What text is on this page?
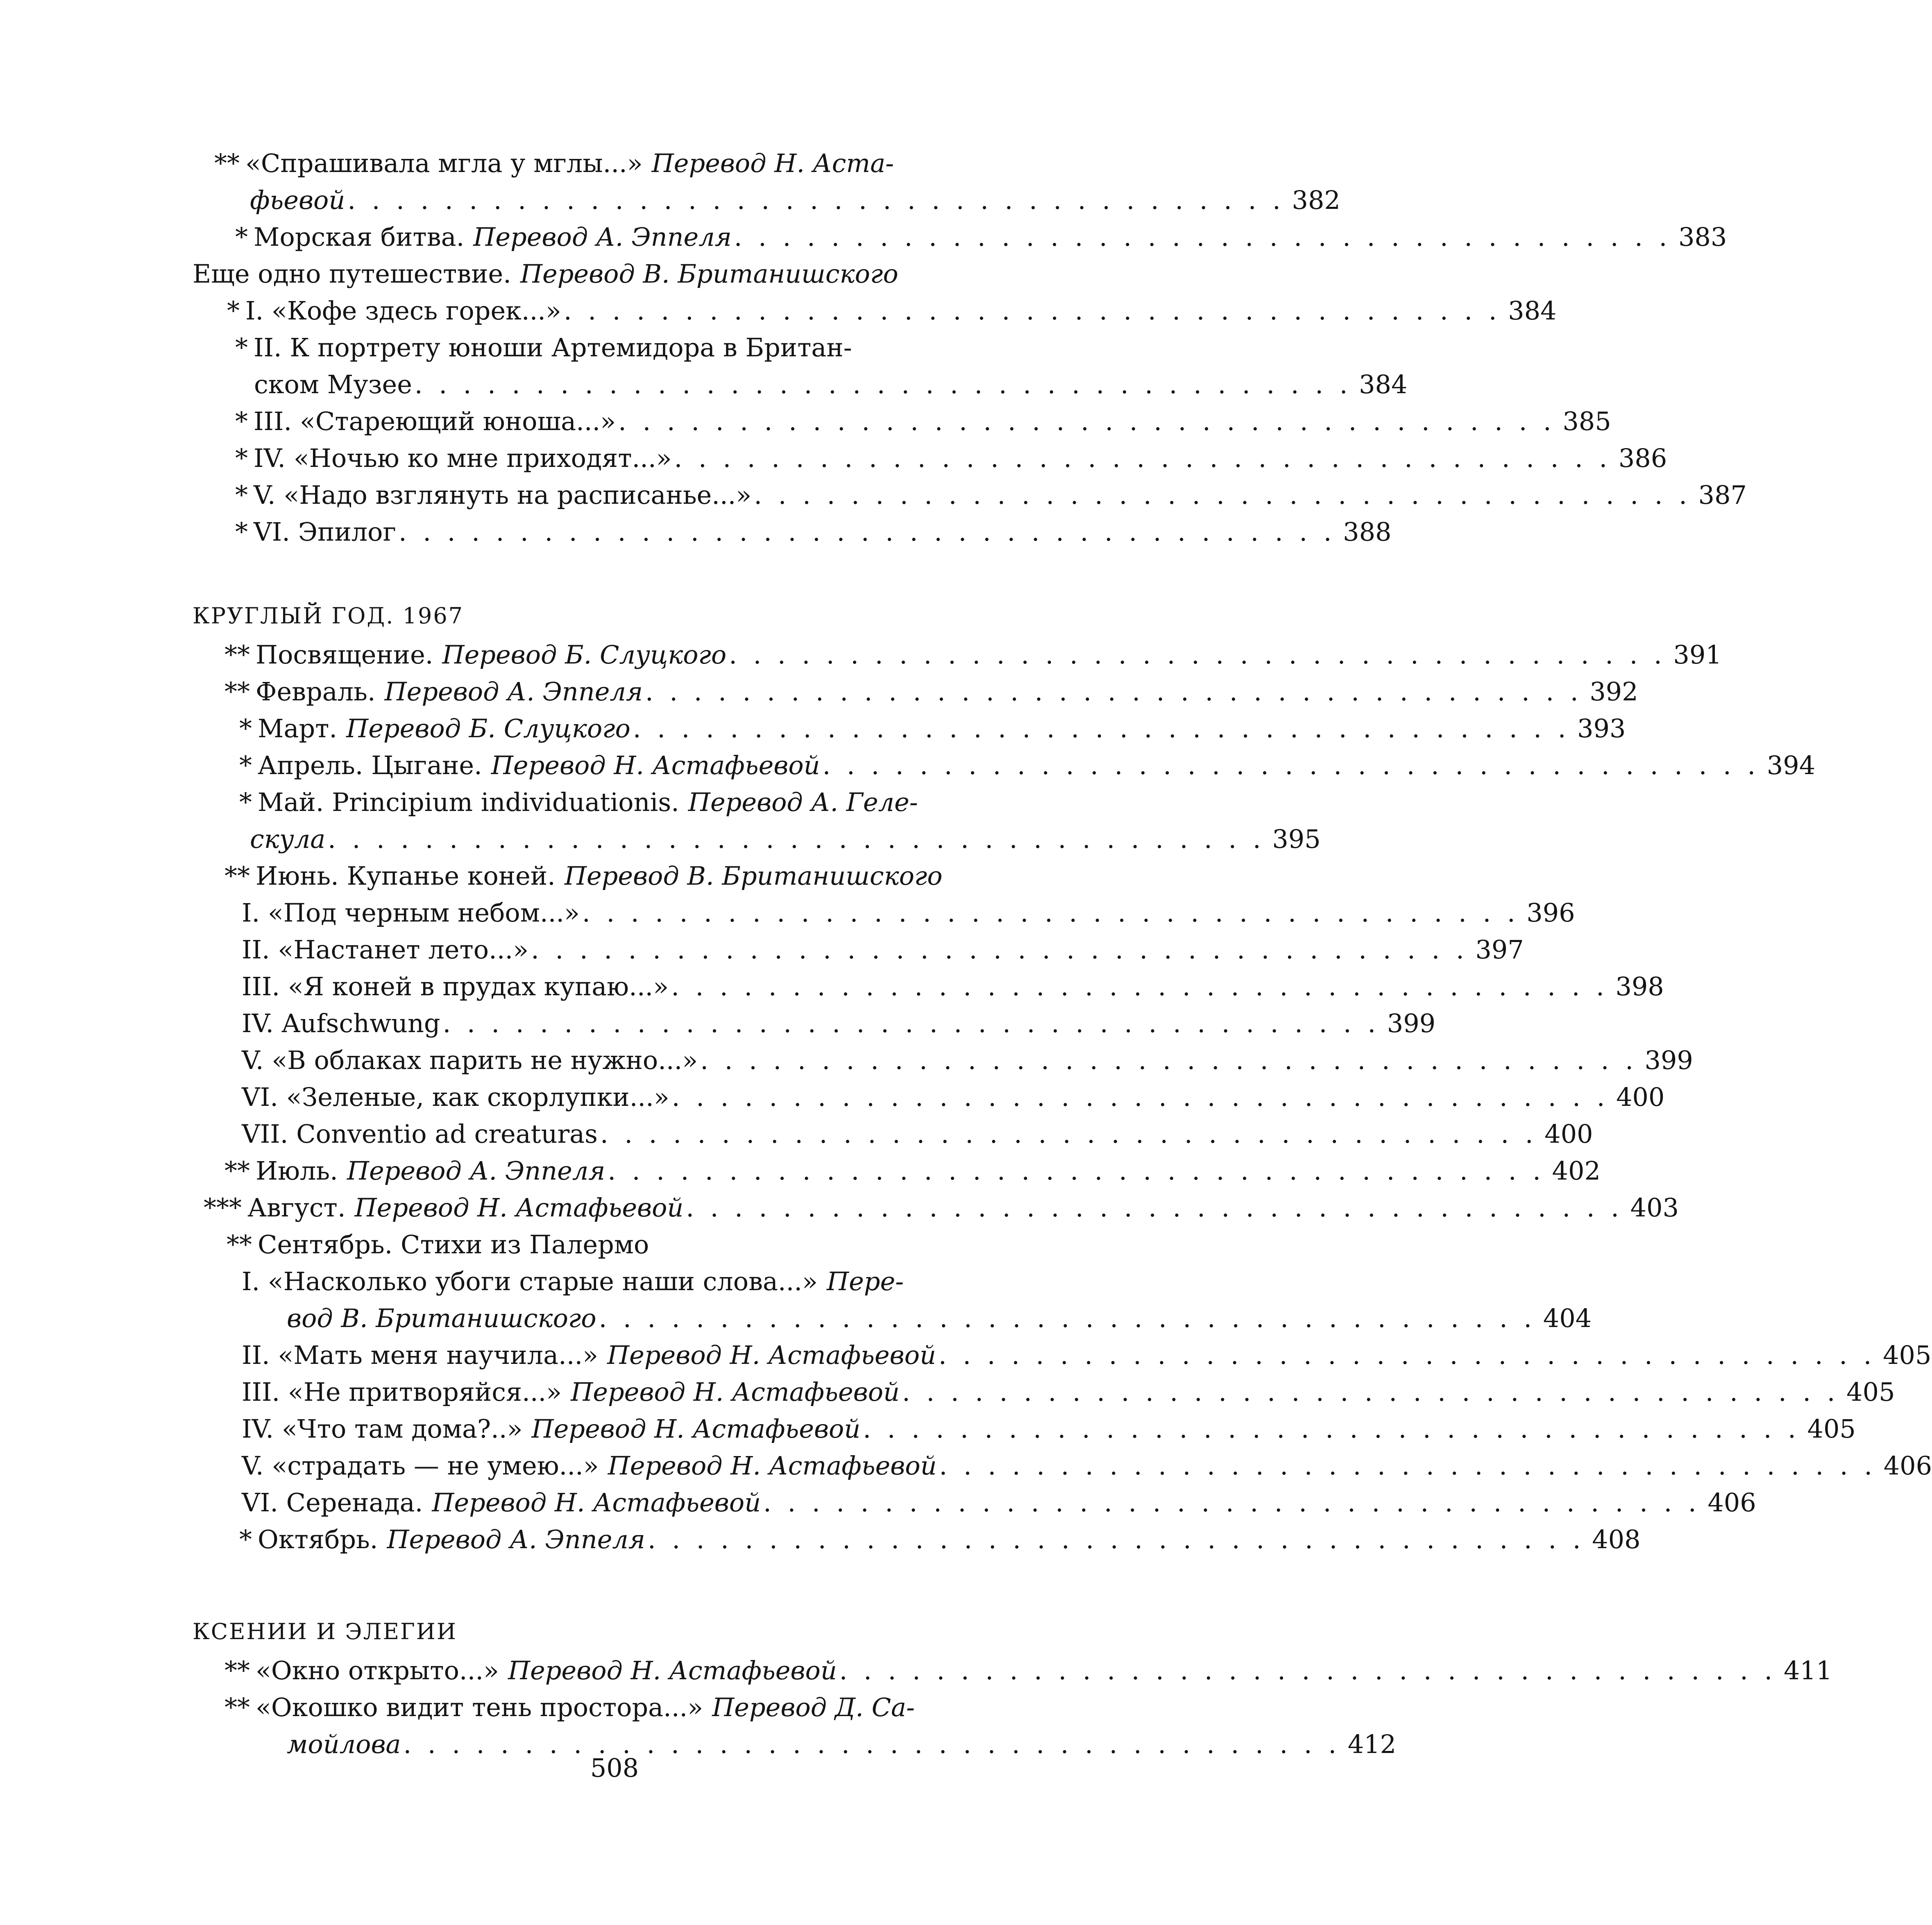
** «Спрашивала мгла у мглы...» Перевод Н. Аста-
фьевой . . . . . . . . . . . . . . . . . . . . . . . . . . . . . . . . . . . . . . . 382
* Морская битва. Перевод А. Эппеля . . . . . . . . . . . . . . . . . . . . . . . . . . . . . . . . . . . . . . . 383
Еще одно путешествие. Перевод В. Британишского
* I. «Кофе здесь горек...» . . . . . . . . . . . . . . . . . . . . . . . . . . . . . . . . . . . . . . . 384
* II. К портрету юноши Артемидора в Британ-
ском Музее . . . . . . . . . . . . . . . . . . . . . . . . . . . . . . . . . . . . . . . 384
* III. «Стареющий юноша...» . . . . . . . . . . . . . . . . . . . . . . . . . . . . . . . . . . . . . . . 385
* IV. «Ночью ко мне приходят...» . . . . . . . . . . . . . . . . . . . . . . . . . . . . . . . . . . . . . . . 386
* V. «Надо взглянуть на расписанье...» . . . . . . . . . . . . . . . . . . . . . . . . . . . . . . . . . . . . . . . 387
* VI. Эпилог . . . . . . . . . . . . . . . . . . . . . . . . . . . . . . . . . . . . . . . 388
КРУГЛЫЙ ГОД. 1967
** Посвящение. Перевод Б. Слуцкого . . . . . . . . . . . . . . . . . . . . . . . . . . . . . . . . . . . . . . . 391
** Февраль. Перевод А. Эппеля . . . . . . . . . . . . . . . . . . . . . . . . . . . . . . . . . . . . . . . 392
* Март. Перевод Б. Слуцкого . . . . . . . . . . . . . . . . . . . . . . . . . . . . . . . . . . . . . . . 393
* Апрель. Цыгане. Перевод Н. Астафьевой . . . . . . . . . . . . . . . . . . . . . . . . . . . . . . . . . . . . . . . 394
* Май. Principium individuationis. Перевод А. Геле-
скула . . . . . . . . . . . . . . . . . . . . . . . . . . . . . . . . . . . . . . . 395
** Июнь. Купанье коней. Перевод В. Британишского
I. «Под черным небом...» . . . . . . . . . . . . . . . . . . . . . . . . . . . . . . . . . . . . . . . 396
II. «Настанет лето...» . . . . . . . . . . . . . . . . . . . . . . . . . . . . . . . . . . . . . . . 397
III. «Я коней в прудах купаю...» . . . . . . . . . . . . . . . . . . . . . . . . . . . . . . . . . . . . . . . 398
IV. Aufschwung . . . . . . . . . . . . . . . . . . . . . . . . . . . . . . . . . . . . . . . 399
V. «В облаках парить не нужно...» . . . . . . . . . . . . . . . . . . . . . . . . . . . . . . . . . . . . . . . 399
VI. «Зеленые, как скорлупки...» . . . . . . . . . . . . . . . . . . . . . . . . . . . . . . . . . . . . . . . 400
VII. Conventio ad creaturas . . . . . . . . . . . . . . . . . . . . . . . . . . . . . . . . . . . . . . . 400
** Июль. Перевод А. Эппеля . . . . . . . . . . . . . . . . . . . . . . . . . . . . . . . . . . . . . . . 402
*** Август. Перевод Н. Астафьевой . . . . . . . . . . . . . . . . . . . . . . . . . . . . . . . . . . . . . . . 403
** Сентябрь. Стихи из Палермо
I. «Насколько убоги старые наши слова...» Пере-
вод В. Британишского . . . . . . . . . . . . . . . . . . . . . . . . . . . . . . . . . . . . . . . 404
II. «Мать меня научила...» Перевод Н. Астафьевой . . . . . . . . . . . . . . . . . . . . . . . . . . . . . . . . . . . . . . . 405
III. «Не притворяйся...» Перевод Н. Астафьевой . . . . . . . . . . . . . . . . . . . . . . . . . . . . . . . . . . . . . . . 405
IV. «Что там дома?..» Перевод Н. Астафьевой . . . . . . . . . . . . . . . . . . . . . . . . . . . . . . . . . . . . . . . 405
V. «страдать — не умею...» Перевод Н. Астафьевой . . . . . . . . . . . . . . . . . . . . . . . . . . . . . . . . . . . . . . . 406
VI. Серенада. Перевод Н. Астафьевой . . . . . . . . . . . . . . . . . . . . . . . . . . . . . . . . . . . . . . . 406
* Октябрь. Перевод А. Эппеля . . . . . . . . . . . . . . . . . . . . . . . . . . . . . . . . . . . . . . . 408
КСЕНИИ И ЭЛЕГИИ
** «Окно открыто...» Перевод Н. Астафьевой . . . . . . . . . . . . . . . . . . . . . . . . . . . . . . . . . . . . . . . 411
** «Окошко видит тень простора...» Перевод Д. Са-
мойлова . . . . . . . . . . . . . . . . . . . . . . . . . . . . . . . . . . . . . . . 412
508
